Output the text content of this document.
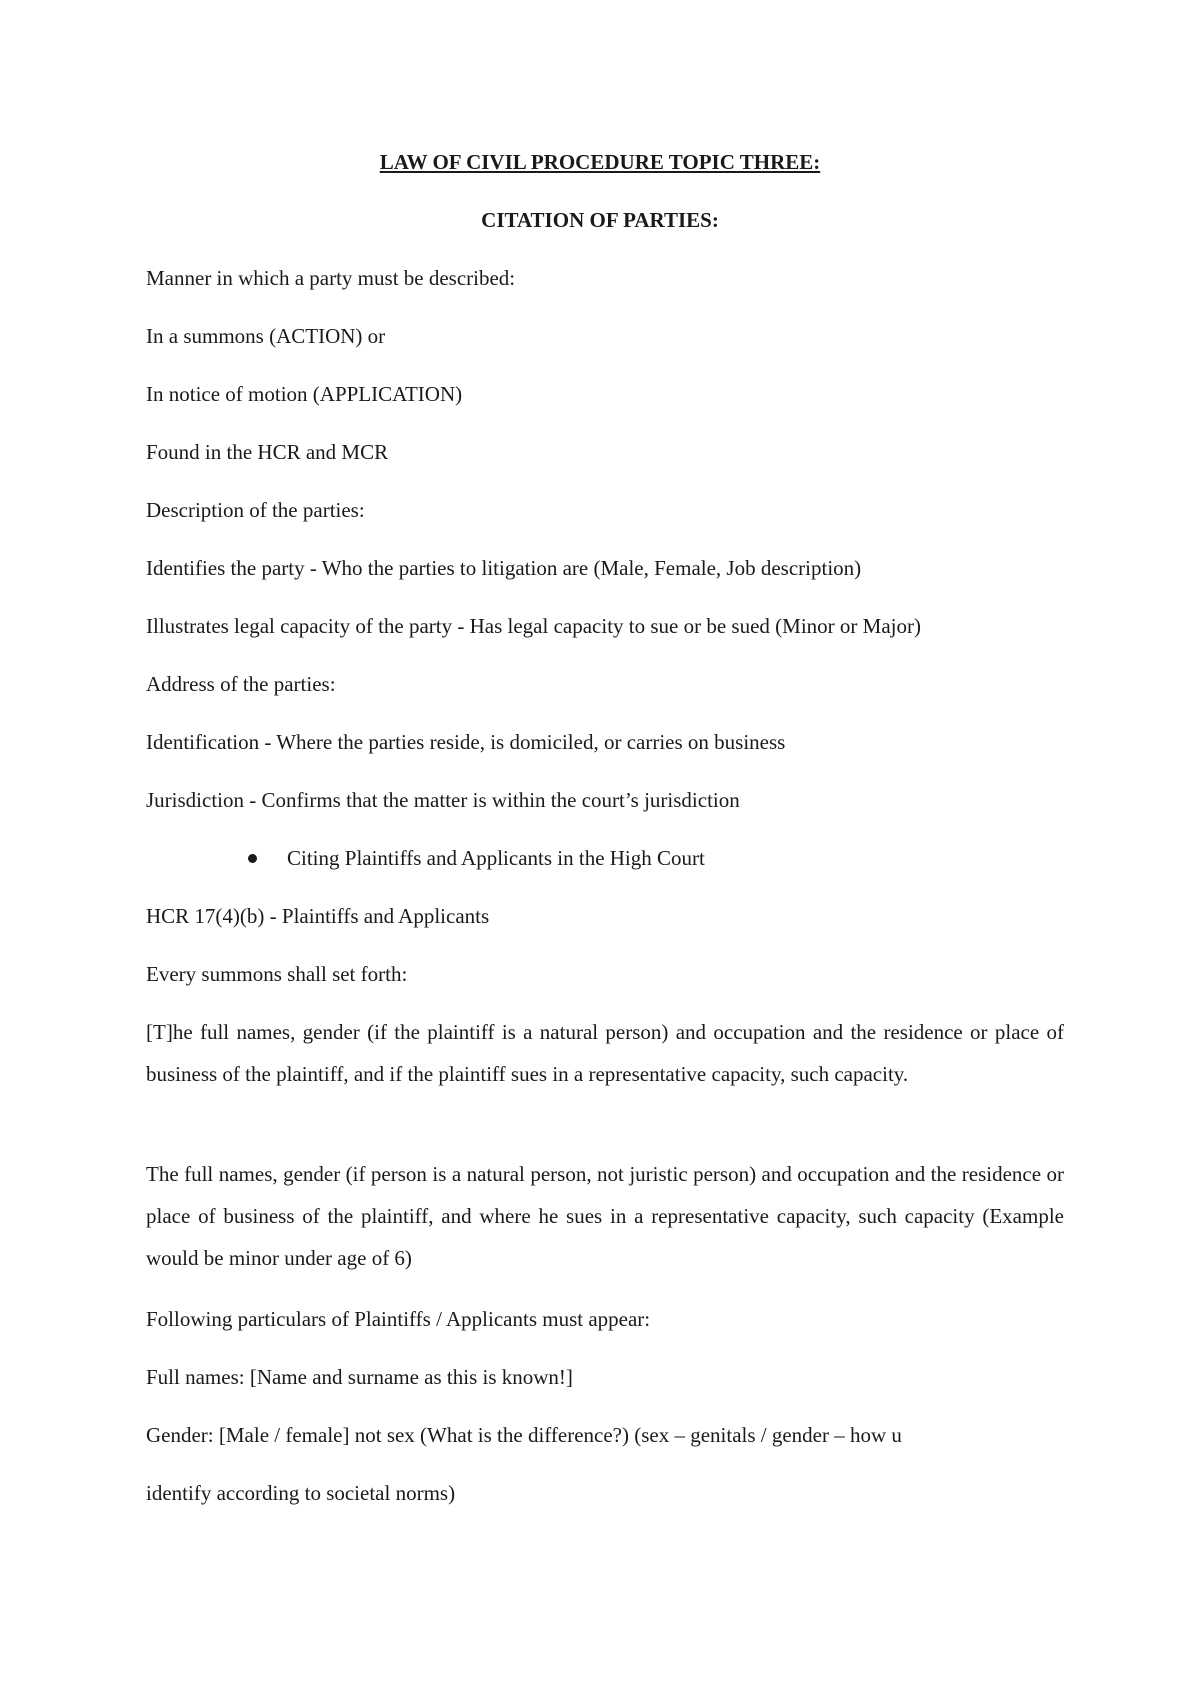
LAW OF CIVIL PROCEDURE TOPIC THREE:
CITATION OF PARTIES:
Manner in which a party must be described:
In a summons (ACTION) or
In notice of motion (APPLICATION)
Found in the HCR and MCR
Description of the parties:
Identifies the party - Who the parties to litigation are (Male, Female, Job description)
Illustrates legal capacity of the party - Has legal capacity to sue or be sued (Minor or Major)
Address of the parties:
Identification - Where the parties reside, is domiciled, or carries on business
Jurisdiction - Confirms that the matter is within the court’s jurisdiction
Citing Plaintiffs and Applicants in the High Court
HCR 17(4)(b) - Plaintiffs and Applicants
Every summons shall set forth:
[T]he full names, gender (if the plaintiff is a natural person) and occupation and the residence or place of business of the plaintiff, and if the plaintiff sues in a representative capacity, such capacity.
The full names, gender (if person is a natural person, not juristic person) and occupation and the residence or place of business of the plaintiff, and where he sues in a representative capacity, such capacity (Example would be minor under age of 6)
Following particulars of Plaintiffs / Applicants must appear:
Full names: [Name and surname as this is known!]
Gender: [Male / female] not sex (What is the difference?) (sex – genitals / gender – how u
identify according to societal norms)
